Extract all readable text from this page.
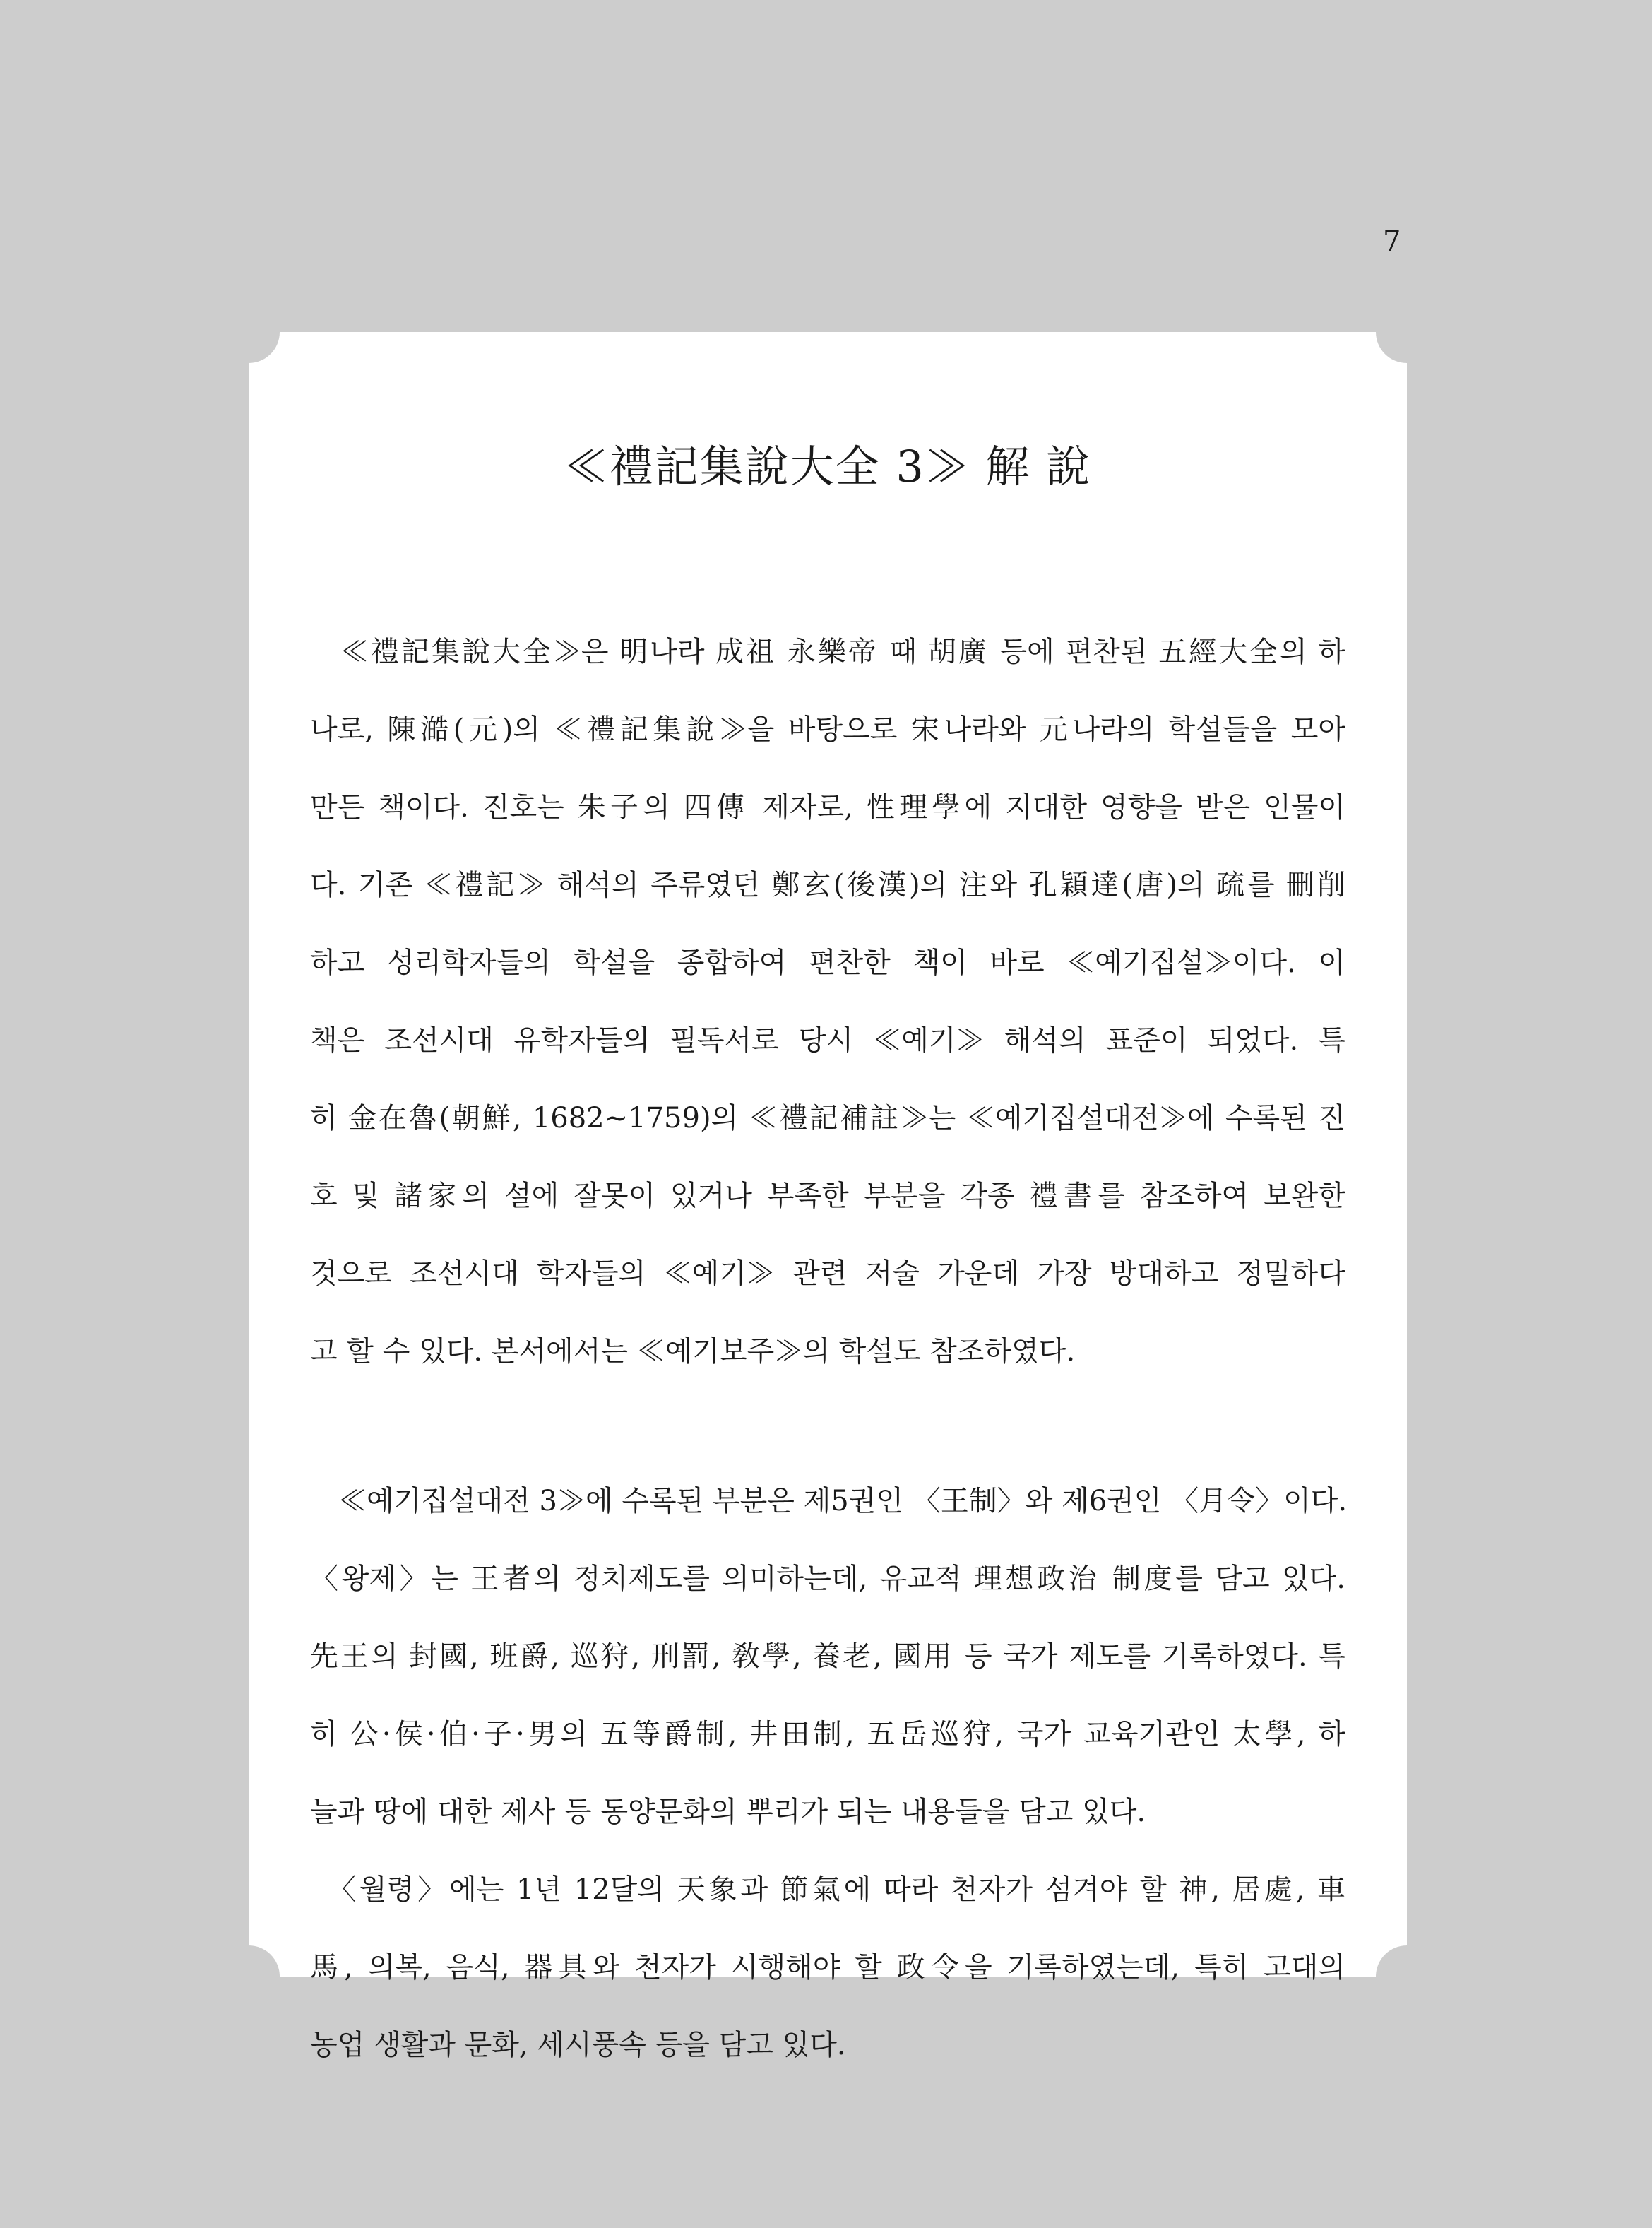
7
≪禮記集說大全 3≫ 解 說
　≪禮記集說大全≫은 明나라 成祖 永樂帝 때 胡廣 등에 편찬된 五經大全의 하
나로, 陳澔(元)의 ≪禮記集說≫을 바탕으로 宋나라와 元나라의 학설들을 모아
만든 책이다. 진호는 朱子의 四傳 제자로, 性理學에 지대한 영향을 받은 인물이
다. 기존 ≪禮記≫ 해석의 주류였던 鄭玄(後漢)의 注와 孔穎達(唐)의 疏를 刪削
하고 성리학자들의 학설을 종합하여 편찬한 책이 바로 ≪예기집설≫이다. 이
책은 조선시대 유학자들의 필독서로 당시 ≪예기≫ 해석의 표준이 되었다. 특
히 金在魯(朝鮮, 1682~1759)의 ≪禮記補註≫는 ≪예기집설대전≫에 수록된 진
호 및 諸家의 설에 잘못이 있거나 부족한 부분을 각종 禮書를 참조하여 보완한
것으로 조선시대 학자들의 ≪예기≫ 관련 저술 가운데 가장 방대하고 정밀하다
고 할 수 있다. 본서에서는 ≪예기보주≫의 학설도 참조하였다.
　≪예기집설대전 3≫에 수록된 부분은 제5권인 〈王制〉와 제6권인 〈月令〉이다.
〈왕제〉는 王者의 정치제도를 의미하는데, 유교적 理想政治 制度를 담고 있다.
先王의 封國, 班爵, 巡狩, 刑罰, 敎學, 養老, 國用 등 국가 제도를 기록하였다. 특
히 公·侯·伯·子·男의 五等爵制, 井田制, 五岳巡狩, 국가 교육기관인 太學, 하
늘과 땅에 대한 제사 등 동양문화의 뿌리가 되는 내용들을 담고 있다.
　〈월령〉에는 1년 12달의 天象과 節氣에 따라 천자가 섬겨야 할 神, 居處, 車
馬, 의복, 음식, 器具와 천자가 시행해야 할 政令을 기록하였는데, 특히 고대의
농업 생활과 문화, 세시풍속 등을 담고 있다.
